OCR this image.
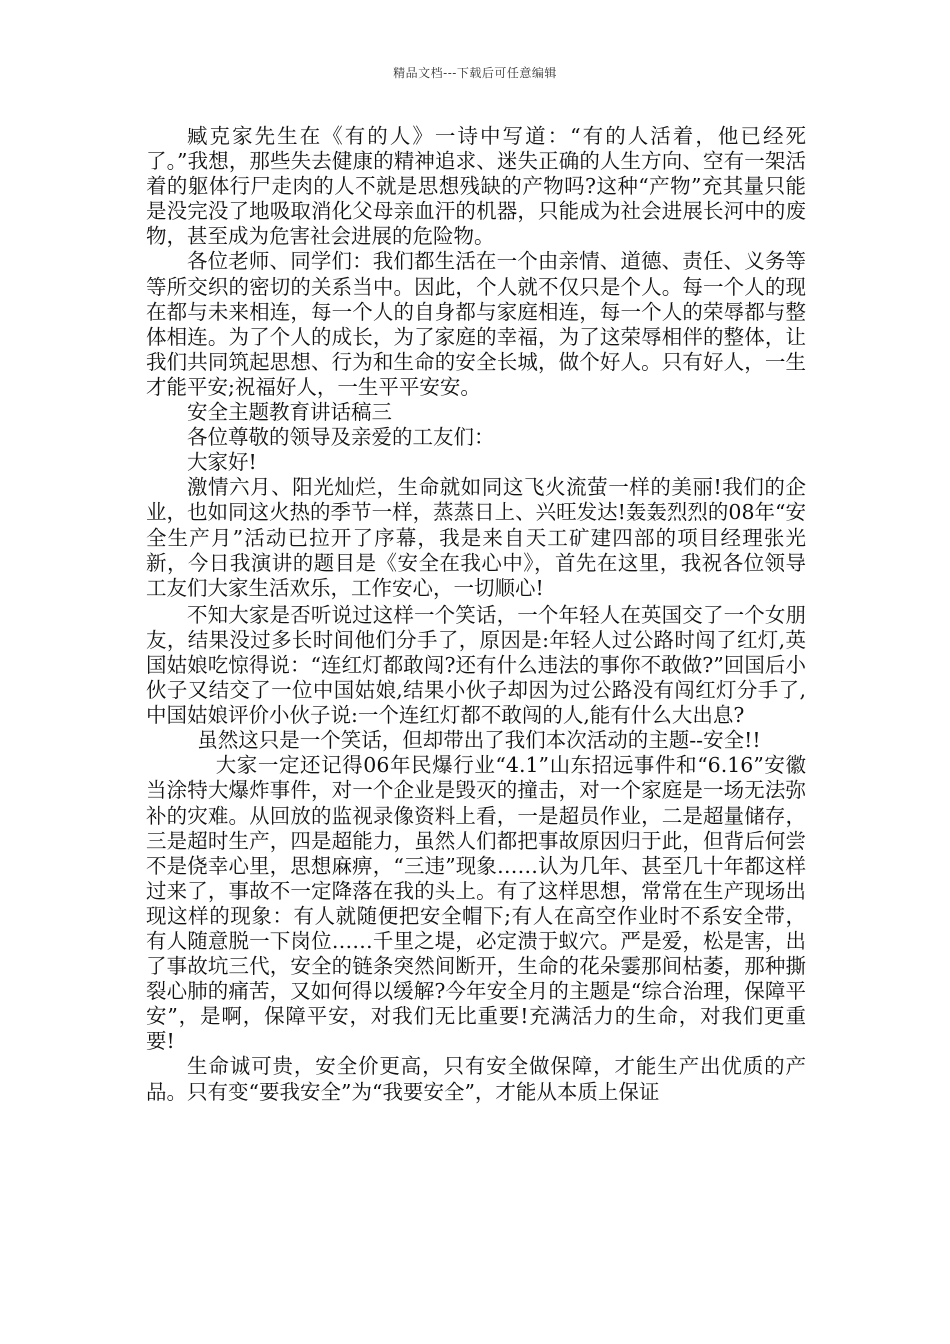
精品文档---下载后可任意编辑

臧克家先生在《有的人》一诗中写道：“有的人活着，他已经死了。”我想，那些失去健康的精神追求、迷失正确的人生方向、空有一架活着的躯体行尸走肉的人不就是思想残缺的产物吗?这种“产物”充其量只能是没完没了地吸取消化父母亲血汗的机器，只能成为社会进展长河中的废物，甚至成为危害社会进展的危险物。

各位老师、同学们：我们都生活在一个由亲情、道德、责任、义务等等所交织的密切的关系当中。因此，个人就不仅只是个人。每一个人的现在都与未来相连，每一个人的自身都与家庭相连，每一个人的荣辱都与整体相连。为了个人的成长，为了家庭的幸福，为了这荣辱相伴的整体，让我们共同筑起思想、行为和生命的安全长城，做个好人。只有好人，一生才能平安;祝福好人，一生平平安安。

安全主题教育讲话稿三

各位尊敬的领导及亲爱的工友们：

大家好!

激情六月、阳光灿烂，生命就如同这飞火流萤一样的美丽!我们的企业，也如同这火热的季节一样，蒸蒸日上、兴旺发达!轰轰烈烈的08年“安全生产月”活动已拉开了序幕，我是来自天工矿建四部的项目经理张光新，今日我演讲的题目是《安全在我心中》，首先在这里，我祝各位领导工友们大家生活欢乐，工作安心，一切顺心!

不知大家是否听说过这样一个笑话，一个年轻人在英国交了一个女朋友，结果没过多长时间他们分手了，原因是:年轻人过公路时闯了红灯,英国姑娘吃惊得说：“连红灯都敢闯?还有什么违法的事你不敢做?”回国后小伙子又结交了一位中国姑娘,结果小伙子却因为过公路没有闯红灯分手了,中国姑娘评价小伙子说:一个连红灯都不敢闯的人,能有什么大出息?

虽然这只是一个笑话，但却带出了我们本次活动的主题--安全!!

大家一定还记得06年民爆行业“4.1”山东招远事件和“6.16”安徽当涂特大爆炸事件，对一个企业是毁灭的撞击，对一个家庭是一场无法弥补的灾难。从回放的监视录像资料上看，一是超员作业，二是超量储存，三是超时生产，四是超能力，虽然人们都把事故原因归于此，但背后何尝不是侥幸心里，思想麻痹，“三违”现象……认为几年、甚至几十年都这样过来了，事故不一定降落在我的头上。有了这样思想，常常在生产现场出现这样的现象：有人就随便把安全帽下;有人在高空作业时不系安全带，有人随意脱一下岗位……千里之堤，必定溃于蚁穴。严是爱，松是害，出了事故坑三代，安全的链条突然间断开，生命的花朵霎那间枯萎，那种撕裂心肺的痛苦，又如何得以缓解?今年安全月的主题是“综合治理，保障平安”，是啊，保障平安，对我们无比重要!充满活力的生命，对我们更重要!

生命诚可贵，安全价更高，只有安全做保障，才能生产出优质的产品。只有变“要我安全”为“我要安全”，才能从本质上保证
